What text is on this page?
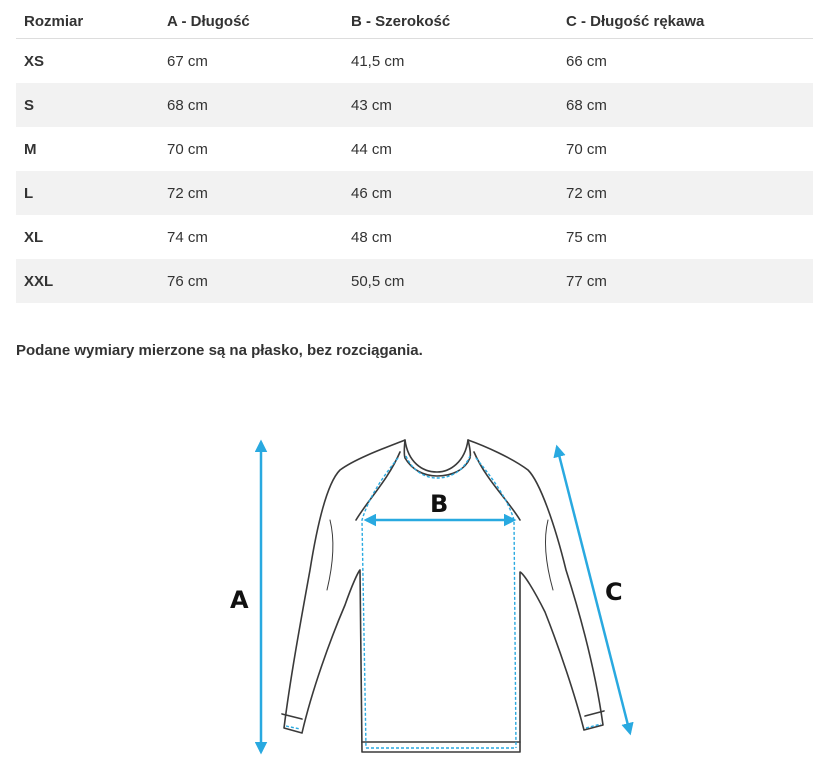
Rozmiar	A - Długość	B - Szerokość	C - Długość rękawa
XS	67 cm	41,5 cm	66 cm
S	68 cm	43 cm	68 cm
M	70 cm	44 cm	70 cm
L	72 cm	46 cm	72 cm
XL	74 cm	48 cm	75 cm
XXL	76 cm	50,5 cm	77 cm

Podane wymiary mierzone są na płasko, bez rozciągania.

A
B
C
